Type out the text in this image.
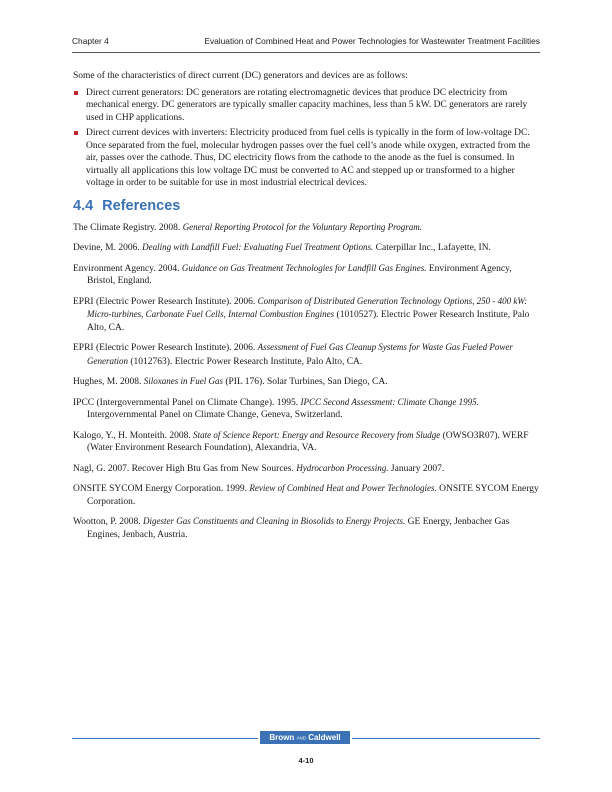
Chapter 4	Evaluation of Combined Heat and Power Technologies for Wastewater Treatment Facilities

Some of the characteristics of direct current (DC) generators and devices are as follows:

Direct current generators: DC generators are rotating electromagnetic devices that produce DC electricity from mechanical energy. DC generators are typically smaller capacity machines, less than 5 kW. DC generators are rarely used in CHP applications.
Direct current devices with inverters: Electricity produced from fuel cells is typically in the form of low-voltage DC. Once separated from the fuel, molecular hydrogen passes over the fuel cell’s anode while oxygen, extracted from the air, passes over the cathode. Thus, DC electricity flows from the cathode to the anode as the fuel is consumed. In virtually all applications this low voltage DC must be converted to AC and stepped up or transformed to a higher voltage in order to be suitable for use in most industrial electrical devices.
4.4 References

The Climate Registry. 2008. General Reporting Protocol for the Voluntary Reporting Program.

Devine, M. 2006. Dealing with Landfill Fuel: Evaluating Fuel Treatment Options. Caterpillar Inc., Lafayette, IN.

Environment Agency. 2004. Guidance on Gas Treatment Technologies for Landfill Gas Engines. Environment Agency, Bristol, England.

EPRI (Electric Power Research Institute). 2006. Comparison of Distributed Generation Technology Options, 250 - 400 kW: Micro-turbines, Carbonate Fuel Cells, Internal Combustion Engines (1010527). Electric Power Research Institute, Palo Alto, CA.

EPRI (Electric Power Research Institute). 2006. Assessment of Fuel Gas Cleanup Systems for Waste Gas Fueled Power Generation (1012763). Electric Power Research Institute, Palo Alto, CA.

Hughes, M. 2008. Siloxanes in Fuel Gas (PIL 176). Solar Turbines, San Diego, CA.

IPCC (Intergovernmental Panel on Climate Change). 1995. IPCC Second Assessment: Climate Change 1995. Intergovernmental Panel on Climate Change, Geneva, Switzerland.

Kalogo, Y., H. Monteith. 2008. State of Science Report: Energy and Resource Recovery from Sludge (OWSO3R07). WERF (Water Environment Research Foundation), Alexandria, VA.

Nagl, G. 2007. Recover High Btu Gas from New Sources. Hydrocarbon Processing. January 2007.

ONSITE SYCOM Energy Corporation. 1999. Review of Combined Heat and Power Technologies. ONSITE SYCOM Energy Corporation.

Wootton, P. 2008. Digester Gas Constituents and Cleaning in Biosolids to Energy Projects. GE Energy, Jenbacher Gas Engines, Jenbach, Austria.

Brown AND Caldwell
4-10
